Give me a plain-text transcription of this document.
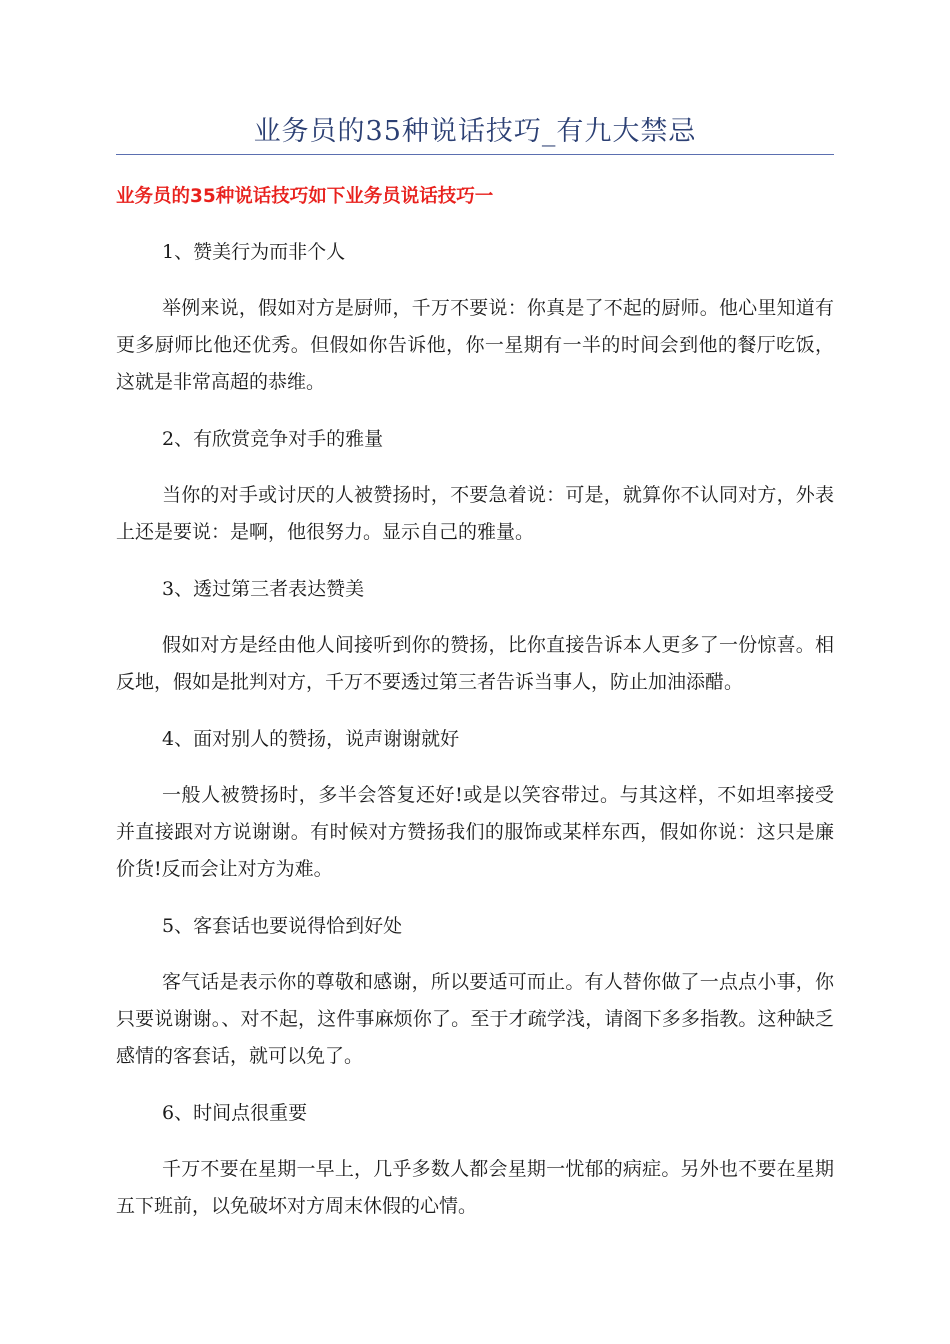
业务员的35种说话技巧_有九大禁忌

业务员的35种说话技巧如下业务员说话技巧一

1、赞美行为而非个人

举例来说，假如对方是厨师，千万不要说：你真是了不起的厨师。他心里知道有更多厨师比他还优秀。但假如你告诉他，你一星期有一半的时间会到他的餐厅吃饭，这就是非常高超的恭维。

2、有欣赏竞争对手的雅量

当你的对手或讨厌的人被赞扬时，不要急着说：可是，就算你不认同对方，外表上还是要说：是啊，他很努力。显示自己的雅量。

3、透过第三者表达赞美

假如对方是经由他人间接听到你的赞扬，比你直接告诉本人更多了一份惊喜。相反地，假如是批判对方，千万不要透过第三者告诉当事人，防止加油添醋。

4、面对别人的赞扬，说声谢谢就好

一般人被赞扬时，多半会答复还好!或是以笑容带过。与其这样，不如坦率接受并直接跟对方说谢谢。有时候对方赞扬我们的服饰或某样东西，假如你说：这只是廉价货!反而会让对方为难。

5、客套话也要说得恰到好处

客气话是表示你的尊敬和感谢，所以要适可而止。有人替你做了一点点小事，你只要说谢谢。、对不起，这件事麻烦你了。至于才疏学浅，请阁下多多指教。这种缺乏感情的客套话，就可以免了。

6、时间点很重要

千万不要在星期一早上，几乎多数人都会星期一忧郁的病症。另外也不要在星期五下班前，以免破坏对方周末休假的心情。
